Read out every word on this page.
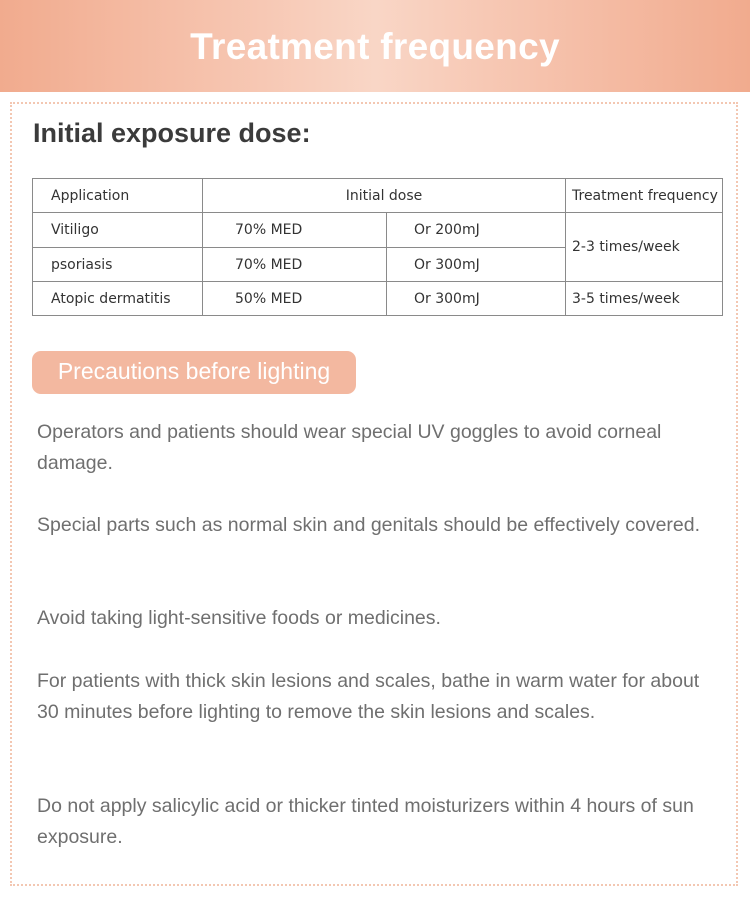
Treatment frequency
Initial exposure dose:
Application	Initial dose		Treatment frequency
Vitiligo	70% MED	Or 200mJ	2-3 times/week
psoriasis	70% MED	Or 300mJ	
Atopic dermatitis	50% MED	Or 300mJ	3-5 times/week
Precautions before lighting
Operators and patients should wear special UV goggles to avoid corneal damage.
Special parts such as normal skin and genitals should be effectively covered.
Avoid taking light-sensitive foods or medicines.
For patients with thick skin lesions and scales, bathe in warm water for about 30 minutes before lighting to remove the skin lesions and scales.
Do not apply salicylic acid or thicker tinted moisturizers within 4 hours of sun exposure.
